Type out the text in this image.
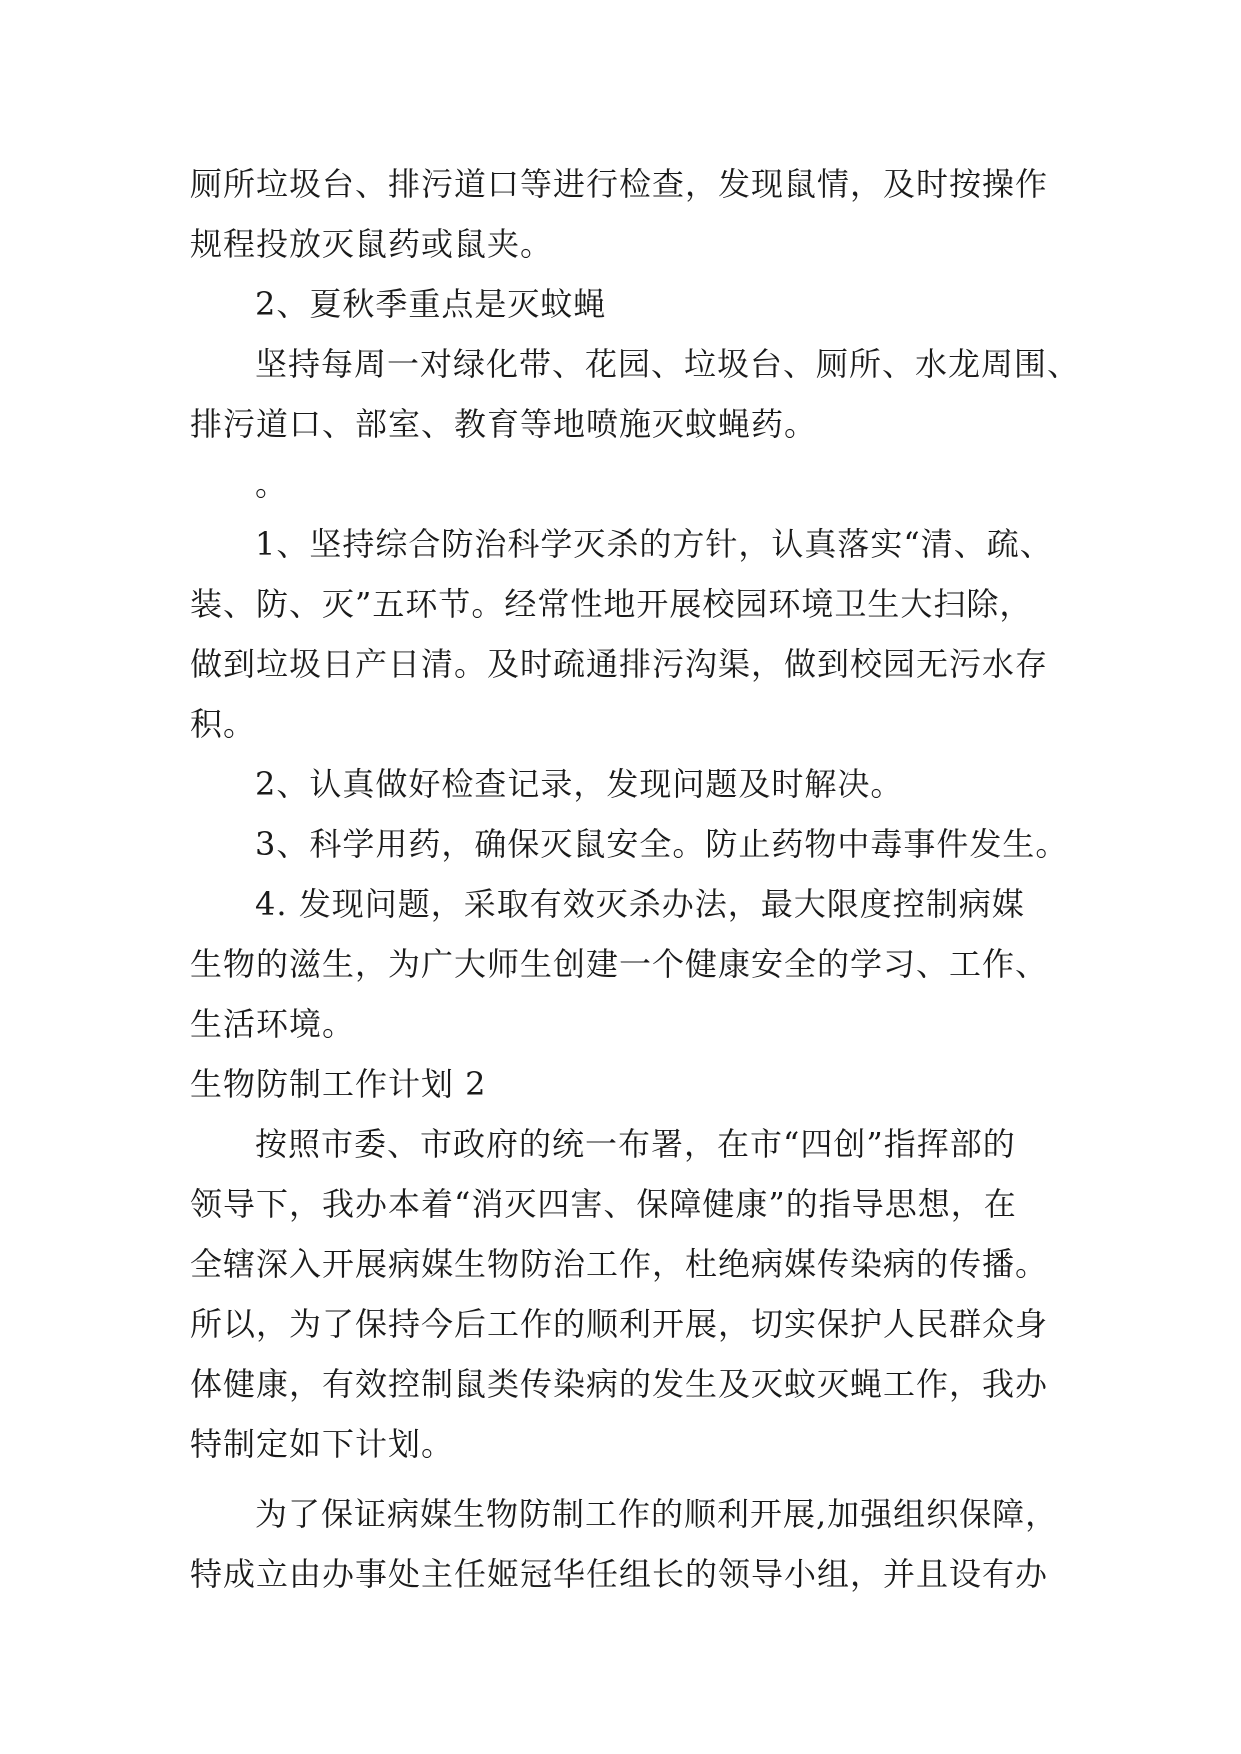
厕所垃圾台、排污道口等进行检查，发现鼠情，及时按操作
规程投放灭鼠药或鼠夹。
2、夏秋季重点是灭蚊蝇
坚持每周一对绿化带、花园、垃圾台、厕所、水龙周围、
排污道口、部室、教育等地喷施灭蚊蝇药。
。
1、坚持综合防治科学灭杀的方针，认真落实“清、疏、
装、防、灭”五环节。经常性地开展校园环境卫生大扫除，
做到垃圾日产日清。及时疏通排污沟渠，做到校园无污水存
积。
2、认真做好检查记录，发现问题及时解决。
3、科学用药，确保灭鼠安全。防止药物中毒事件发生。
4. 发现问题，采取有效灭杀办法，最大限度控制病媒
生物的滋生，为广大师生创建一个健康安全的学习、工作、
生活环境。
生物防制工作计划 2
按照市委、市政府的统一布署，在市“四创”指挥部的
领导下，我办本着“消灭四害、保障健康”的指导思想，在
全辖深入开展病媒生物防治工作，杜绝病媒传染病的传播。
所以，为了保持今后工作的顺利开展，切实保护人民群众身
体健康，有效控制鼠类传染病的发生及灭蚊灭蝇工作，我办
特制定如下计划。
为了保证病媒生物防制工作的顺利开展,加强组织保障，
特成立由办事处主任姬冠华任组长的领导小组，并且设有办
